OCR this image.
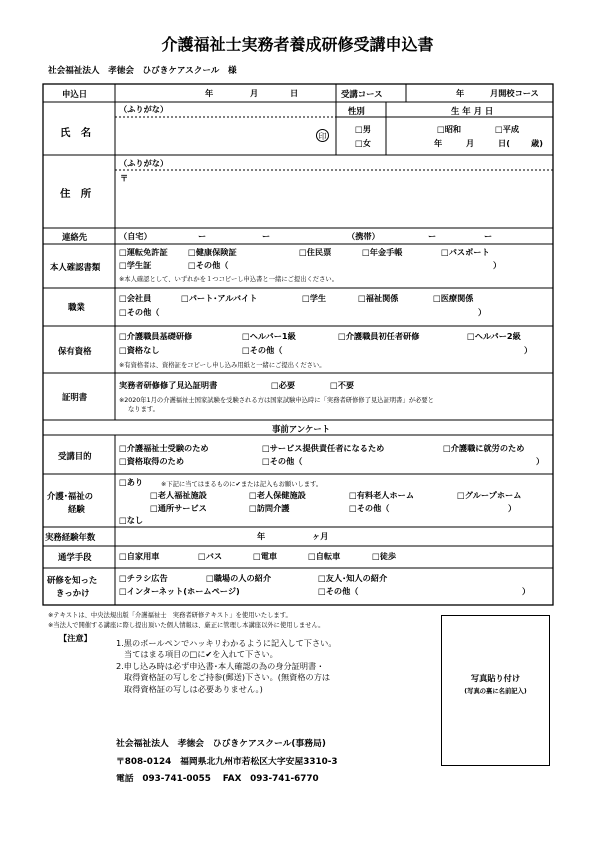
介護福祉士実務者養成研修受講申込書
社会福祉法人　孝徳会　ひびきケアスクール　様
申込日	年	月	日	受講コース	年	月開校コース
氏　名
（ふりがな）
印
性別	生 年 月 日
□男
□女
□昭和	□平成
年	月	日(	歳)
住　所
（ふりがな）
〒
連絡先	（自宅）	ー	ー	（携帯）	ー	ー
本人確認書類
□運転免許証 □健康保険証	□住民票	□年金手帳	□パスポート
□学生証	□その他（	）
※本人確認として、いずれかを１つコピーし申込書と一緒にご提出ください。
職業
□会社員	□パート･アルバイト	□学生	□福祉関係	□医療関係
□その他（	）
保有資格
□介護職員基礎研修	□ヘルパー1級	□介護職員初任者研修	□ヘルパー2級
□資格なし	□その他（	）
※有資格者は、資格証をコピーし申し込み用紙と一緒にご提出ください。
証明書
実務者研修修了見込証明書	□必要	□不要
※2020年1月の介護福祉士国家試験を受験される方は国家試験申込時に「実務者研修修了見込証明書」が必要と
なります。
事前アンケート
受講目的
□介護福祉士受験のため	□サービス提供責任者になるため	□介護職に就労のため
□資格取得のため	□その他（	）
介護･福祉の
経験
□あり	※下記に当てはまるものに✔または記入もお願いします。
□老人福祉施設	□老人保健施設	□有料老人ホーム	□グループホーム
□通所サービス	□訪問介護	□その他（	）
□なし
実務経験年数	年	ヶ月
通学手段	□自家用車	□バス	□電車	□自転車	□徒歩
研修を知った
きっかけ
□チラシ広告	□職場の人の紹介	□友人･知人の紹介
□インターネット(ホームページ)	□その他（	）
※テキストは、中央法規出版「介護福祉士　実務者研修テキスト」を使用いたします。
※当法人で開催する講座に際し提出頂いた個人情報は、厳正に管理し本講座以外に使用しません。
【注意】	1.黒のボールペンでハッキリわかるように記入して下さい。
当てはまる項目の□に✔を入れて下さい。
2.申し込み時は必ず申込書･本人確認の為の身分証明書・
取得資格証の写しをご持参(郵送)下さい。(無資格の方は
取得資格証の写しは必要ありません。)
写真貼り付け
(写真の裏に名前記入)
社会福祉法人　孝徳会　ひびきケアスクール(事務局)
〒808-0124　福岡県北九州市若松区大字安屋3310-3
電話　093-741-0055　 FAX　093-741-6770
